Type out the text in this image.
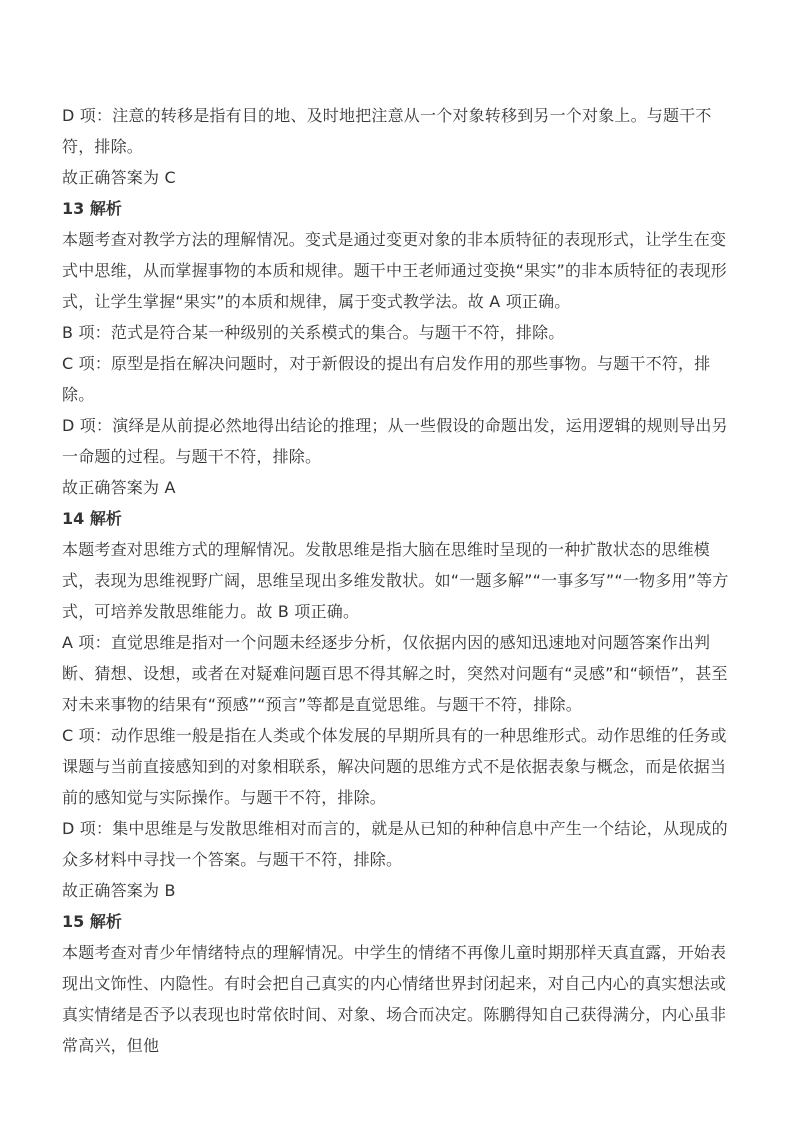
D 项：注意的转移是指有目的地、及时地把注意从一个对象转移到另一个对象上。与题干不符，排除。

故正确答案为 C

13 解析

本题考查对教学方法的理解情况。变式是通过变更对象的非本质特征的表现形式，让学生在变式中思维，从而掌握事物的本质和规律。题干中王老师通过变换“果实”的非本质特征的表现形式，让学生掌握“果实”的本质和规律，属于变式教学法。故 A 项正确。

B 项：范式是符合某一种级别的关系模式的集合。与题干不符，排除。

C 项：原型是指在解决问题时，对于新假设的提出有启发作用的那些事物。与题干不符，排除。

D 项：演绎是从前提必然地得出结论的推理；从一些假设的命题出发，运用逻辑的规则导出另一命题的过程。与题干不符，排除。

故正确答案为 A

14 解析

本题考查对思维方式的理解情况。发散思维是指大脑在思维时呈现的一种扩散状态的思维模式，表现为思维视野广阔，思维呈现出多维发散状。如“一题多解”“一事多写”“一物多用”等方式，可培养发散思维能力。故 B 项正确。

A 项：直觉思维是指对一个问题未经逐步分析，仅依据内因的感知迅速地对问题答案作出判断、猜想、设想，或者在对疑难问题百思不得其解之时，突然对问题有“灵感”和“顿悟”，甚至对未来事物的结果有“预感”“预言”等都是直觉思维。与题干不符，排除。

C 项：动作思维一般是指在人类或个体发展的早期所具有的一种思维形式。动作思维的任务或课题与当前直接感知到的对象相联系，解决问题的思维方式不是依据表象与概念，而是依据当前的感知觉与实际操作。与题干不符，排除。

D 项：集中思维是与发散思维相对而言的，就是从已知的种种信息中产生一个结论，从现成的众多材料中寻找一个答案。与题干不符，排除。

故正确答案为 B

15 解析

本题考查对青少年情绪特点的理解情况。中学生的情绪不再像儿童时期那样天真直露，开始表现出文饰性、内隐性。有时会把自己真实的内心情绪世界封闭起来，对自己内心的真实想法或真实情绪是否予以表现也时常依时间、对象、场合而决定。陈鹏得知自己获得满分，内心虽非常高兴，但他
